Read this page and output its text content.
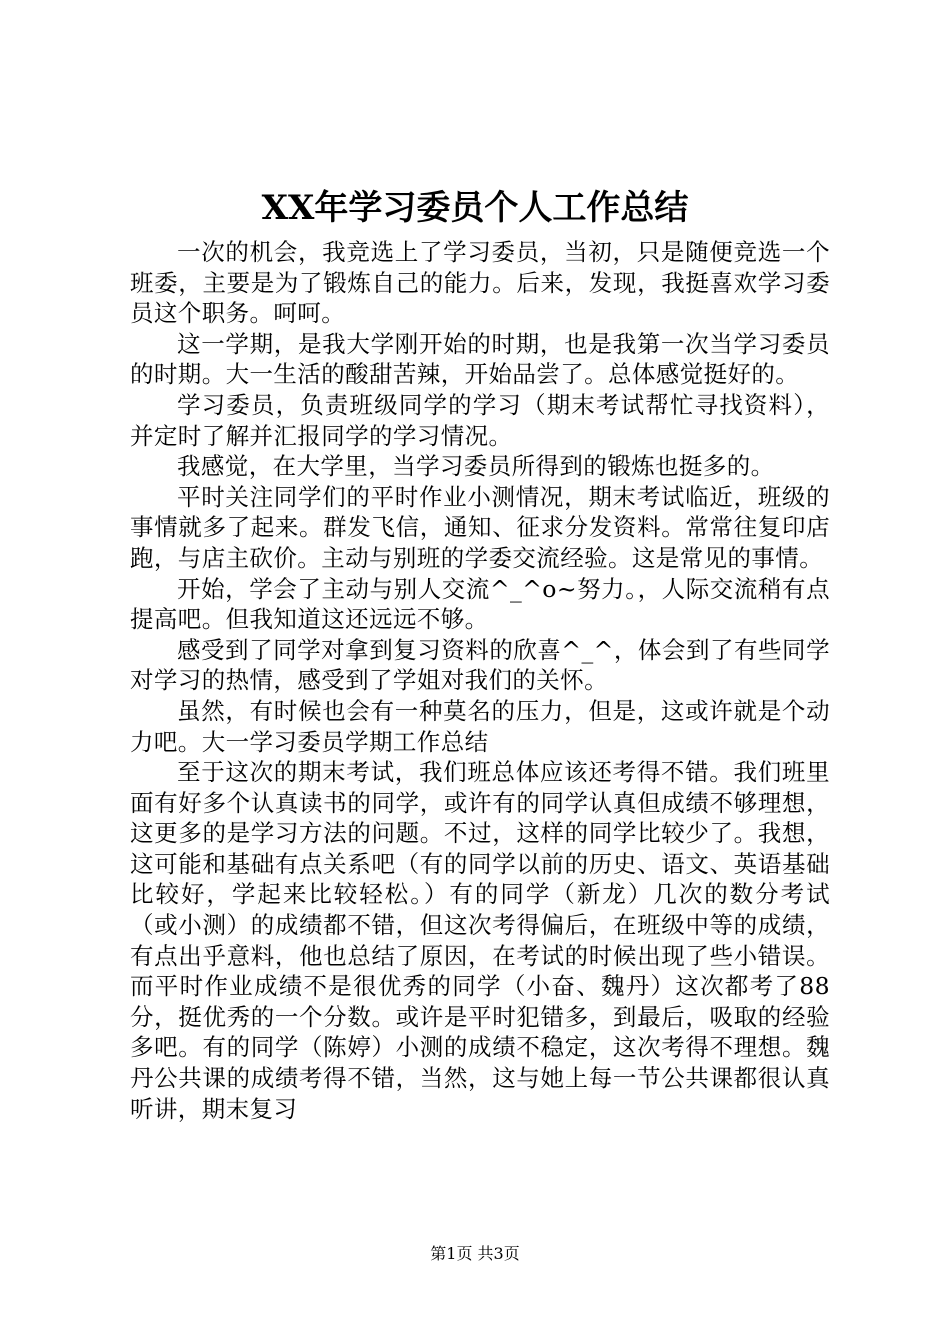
XX年学习委员个人工作总结

一次的机会，我竞选上了学习委员，当初，只是随便竞选一个班委，主要是为了锻炼自己的能力。后来，发现，我挺喜欢学习委员这个职务。呵呵。

这一学期，是我大学刚开始的时期，也是我第一次当学习委员的时期。大一生活的酸甜苦辣，开始品尝了。总体感觉挺好的。

学习委员，负责班级同学的学习（期末考试帮忙寻找资料），并定时了解并汇报同学的学习情况。

我感觉，在大学里，当学习委员所得到的锻炼也挺多的。

平时关注同学们的平时作业小测情况，期末考试临近，班级的事情就多了起来。群发飞信，通知、征求分发资料。常常往复印店跑，与店主砍价。主动与别班的学委交流经验。这是常见的事情。

开始，学会了主动与别人交流^_^o~努力。，人际交流稍有点提高吧。但我知道这还远远不够。

感受到了同学对拿到复习资料的欣喜^_^，体会到了有些同学对学习的热情，感受到了学姐对我们的关怀。

虽然，有时候也会有一种莫名的压力，但是，这或许就是个动力吧。大一学习委员学期工作总结

至于这次的期末考试，我们班总体应该还考得不错。我们班里面有好多个认真读书的同学，或许有的同学认真但成绩不够理想，这更多的是学习方法的问题。不过，这样的同学比较少了。我想，这可能和基础有点关系吧（有的同学以前的历史、语文、英语基础比较好，学起来比较轻松。）有的同学（新龙）几次的数分考试（或小测）的成绩都不错，但这次考得偏后，在班级中等的成绩，有点出乎意料，他也总结了原因，在考试的时候出现了些小错误。而平时作业成绩不是很优秀的同学（小奋、魏丹）这次都考了88分，挺优秀的一个分数。或许是平时犯错多，到最后，吸取的经验多吧。有的同学（陈婷）小测的成绩不稳定，这次考得不理想。魏丹公共课的成绩考得不错，当然，这与她上每一节公共课都很认真听讲，期末复习

第1页 共3页
